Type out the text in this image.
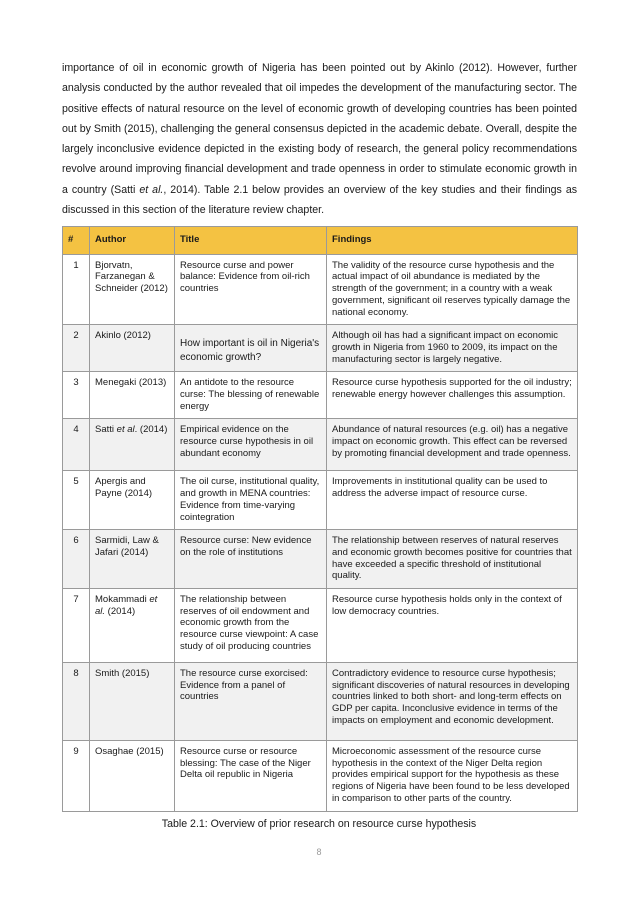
importance of oil in economic growth of Nigeria has been pointed out by Akinlo (2012). However, further analysis conducted by the author revealed that oil impedes the development of the manufacturing sector. The positive effects of natural resource on the level of economic growth of developing countries has been pointed out by Smith (2015), challenging the general consensus depicted in the academic debate. Overall, despite the largely inconclusive evidence depicted in the existing body of research, the general policy recommendations revolve around improving financial development and trade openness in order to stimulate economic growth in a country (Satti et al., 2014). Table 2.1 below provides an overview of the key studies and their findings as discussed in this section of the literature review chapter.

#	Author	Title	Findings
1	Bjorvatn, Farzanegan & Schneider (2012)	Resource curse and power balance: Evidence from oil-rich countries	The validity of the resource curse hypothesis and the actual impact of oil abundance is mediated by the strength of the government; in a country with a weak government, significant oil reserves typically damage the national economy.
2	Akinlo (2012)	How important is oil in Nigeria's economic growth?	Although oil has had a significant impact on economic growth in Nigeria from 1960 to 2009, its impact on the manufacturing sector is largely negative.
3	Menegaki (2013)	An antidote to the resource curse: The blessing of renewable energy	Resource curse hypothesis supported for the oil industry; renewable energy however challenges this assumption.
4	Satti et al. (2014)	Empirical evidence on the resource curse hypothesis in oil abundant economy	Abundance of natural resources (e.g. oil) has a negative impact on economic growth. This effect can be reversed by promoting financial development and trade openness.
5	Apergis and Payne (2014)	The oil curse, institutional quality, and growth in MENA countries: Evidence from time-varying cointegration	Improvements in institutional quality can be used to address the adverse impact of resource curse.
6	Sarmidi, Law & Jafari (2014)	Resource curse: New evidence on the role of institutions	The relationship between reserves of natural reserves and economic growth becomes positive for countries that have exceeded a specific threshold of institutional quality.
7	Mokammadi et al. (2014)	The relationship between reserves of oil endowment and economic growth from the resource curse viewpoint: A case study of oil producing countries	Resource curse hypothesis holds only in the context of low democracy countries.
8	Smith (2015)	The resource curse exorcised: Evidence from a panel of countries	Contradictory evidence to resource curse hypothesis; significant discoveries of natural resources in developing countries linked to both short- and long-term effects on GDP per capita. Inconclusive evidence in terms of the impacts on employment and economic development.
9	Osaghae (2015)	Resource curse or resource blessing: The case of the Niger Delta oil republic in Nigeria	Microeconomic assessment of the resource curse hypothesis in the context of the Niger Delta region provides empirical support for the hypothesis as these regions of Nigeria have been found to be less developed in comparison to other parts of the country.

Table 2.1: Overview of prior research on resource curse hypothesis

8
